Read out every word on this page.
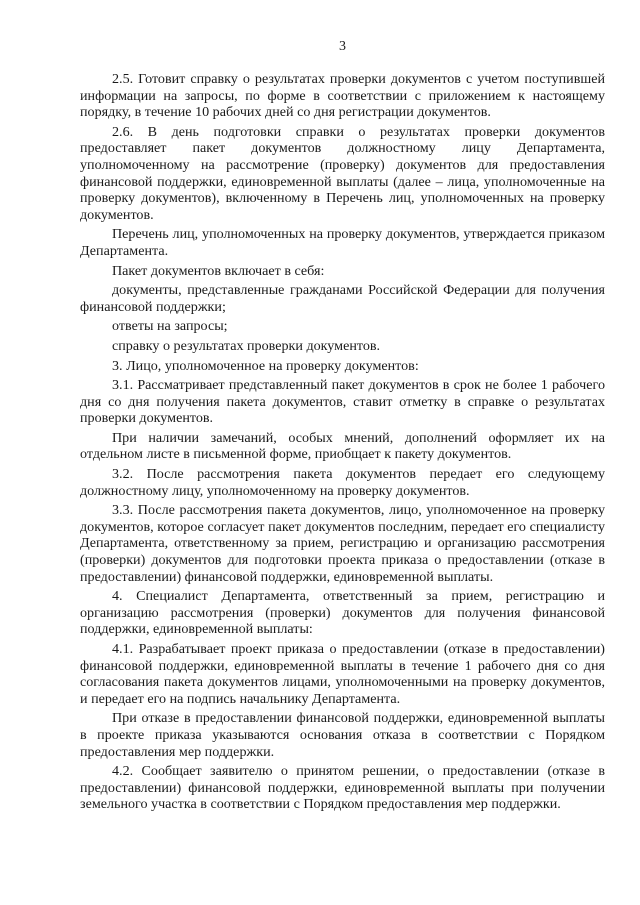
3

2.5. Готовит справку о результатах проверки документов с учетом поступившей информации на запросы, по форме в соответствии с приложением к настоящему порядку, в течение 10 рабочих дней со дня регистрации документов.

2.6. В день подготовки справки о результатах проверки документов предоставляет пакет документов должностному лицу Департамента, уполномоченному на рассмотрение (проверку) документов для предоставления финансовой поддержки, единовременной выплаты (далее – лица, уполномоченные на проверку документов), включенному в Перечень лиц, уполномоченных на проверку документов.

Перечень лиц, уполномоченных на проверку документов, утверждается приказом Департамента.

Пакет документов включает в себя:

документы, представленные гражданами Российской Федерации для получения финансовой поддержки;

ответы на запросы;

справку о результатах проверки документов.

3. Лицо, уполномоченное на проверку документов:

3.1. Рассматривает представленный пакет документов в срок не более 1 рабочего дня со дня получения пакета документов, ставит отметку в справке о результатах проверки документов.

При наличии замечаний, особых мнений, дополнений оформляет их на отдельном листе в письменной форме, приобщает к пакету документов.

3.2. После рассмотрения пакета документов передает его следующему должностному лицу, уполномоченному на проверку документов.

3.3. После рассмотрения пакета документов, лицо, уполномоченное на проверку документов, которое согласует пакет документов последним, передает его специалисту Департамента, ответственному за прием, регистрацию и организацию рассмотрения (проверки) документов для подготовки проекта приказа о предоставлении (отказе в предоставлении) финансовой поддержки, единовременной выплаты.

4. Специалист Департамента, ответственный за прием, регистрацию и организацию рассмотрения (проверки) документов для получения финансовой поддержки, единовременной выплаты:

4.1. Разрабатывает проект приказа о предоставлении (отказе в предоставлении) финансовой поддержки, единовременной выплаты в течение 1 рабочего дня со дня согласования пакета документов лицами, уполномоченными на проверку документов, и передает его на подпись начальнику Департамента.

При отказе в предоставлении финансовой поддержки, единовременной выплаты в проекте приказа указываются основания отказа в соответствии с Порядком предоставления мер поддержки.

4.2. Сообщает заявителю о принятом решении, о предоставлении (отказе в предоставлении) финансовой поддержки, единовременной выплаты при получении земельного участка в соответствии с Порядком предоставления мер поддержки.
